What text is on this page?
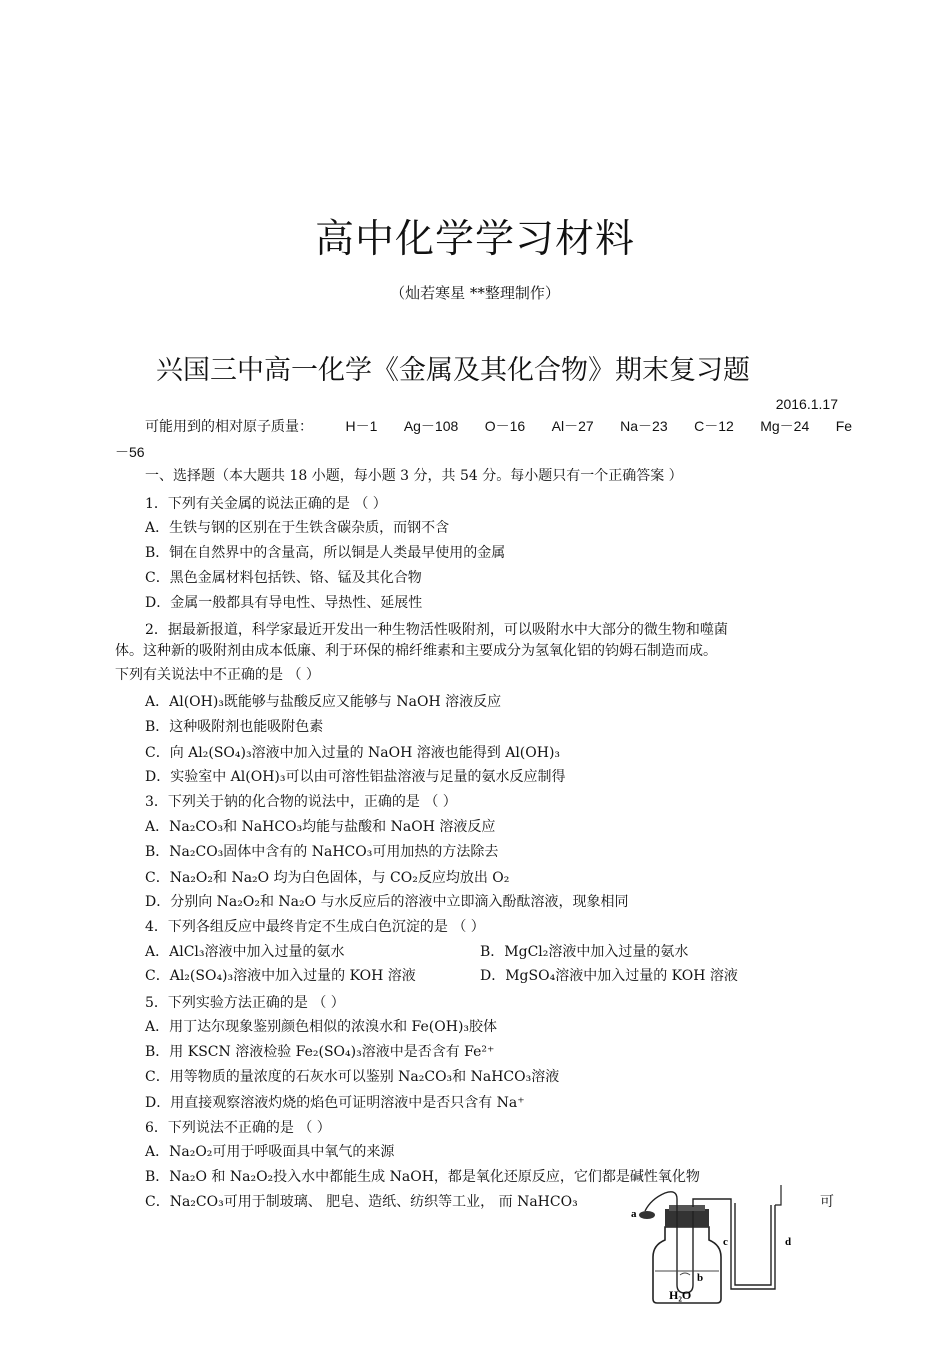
高中化学学习材料
（灿若寒星 **整理制作）
兴国三中高一化学《金属及其化合物》期末复习题
2016.1.17
可能用到的相对原子质量： H－1 Ag－108 O－16 Al－27 Na－23 C－12 Mg－24 Fe
－56
一、选择题（本大题共 18 小题，每小题 3 分，共 54 分。每小题只有一个正确答案 ）
1．下列有关金属的说法正确的是 （ ）
A．生铁与钢的区别在于生铁含碳杂质，而钢不含
B．铜在自然界中的含量高，所以铜是人类最早使用的金属
C．黑色金属材料包括铁、铬、锰及其化合物
D．金属一般都具有导电性、导热性、延展性
2．据最新报道，科学家最近开发出一种生物活性吸附剂，可以吸附水中大部分的微生物和噬菌
体。这种新的吸附剂由成本低廉、利于环保的棉纤维素和主要成分为氢氧化铝的钧姆石制造而成。
下列有关说法中不正确的是 （ ）
A．Al(OH)₃既能够与盐酸反应又能够与 NaOH 溶液反应
B．这种吸附剂也能吸附色素
C．向 Al₂(SO₄)₃溶液中加入过量的 NaOH 溶液也能得到 Al(OH)₃
D．实验室中 Al(OH)₃可以由可溶性铝盐溶液与足量的氨水反应制得
3．下列关于钠的化合物的说法中，正确的是 （ ）
A．Na₂CO₃和 NaHCO₃均能与盐酸和 NaOH 溶液反应
B．Na₂CO₃固体中含有的 NaHCO₃可用加热的方法除去
C．Na₂O₂和 Na₂O 均为白色固体，与 CO₂反应均放出 O₂
D．分别向 Na₂O₂和 Na₂O 与水反应后的溶液中立即滴入酚酞溶液，现象相同
4．下列各组反应中最终肯定不生成白色沉淀的是 （ ）
A．AlCl₃溶液中加入过量的氨水	B．MgCl₂溶液中加入过量的氨水
C．Al₂(SO₄)₃溶液中加入过量的 KOH 溶液	D．MgSO₄溶液中加入过量的 KOH 溶液
5．下列实验方法正确的是 （ ）
A．用丁达尔现象鉴别颜色相似的浓溴水和 Fe(OH)₃胶体
B．用 KSCN 溶液检验 Fe₂(SO₄)₃溶液中是否含有 Fe²⁺
C．用等物质的量浓度的石灰水可以鉴别 Na₂CO₃和 NaHCO₃溶液
D．用直接观察溶液灼烧的焰色可证明溶液中是否只含有 Na⁺
6．下列说法不正确的是 （ ）
A．Na₂O₂可用于呼吸面具中氧气的来源
B．Na₂O 和 Na₂O₂投入水中都能生成 NaOH，都是氧化还原反应，它们都是碱性氧化物
C．Na₂CO₃可用于制玻璃、 肥皂、造纸、纺织等工业， 而 NaHCO₃	可
a
b
c	d
H₂O
